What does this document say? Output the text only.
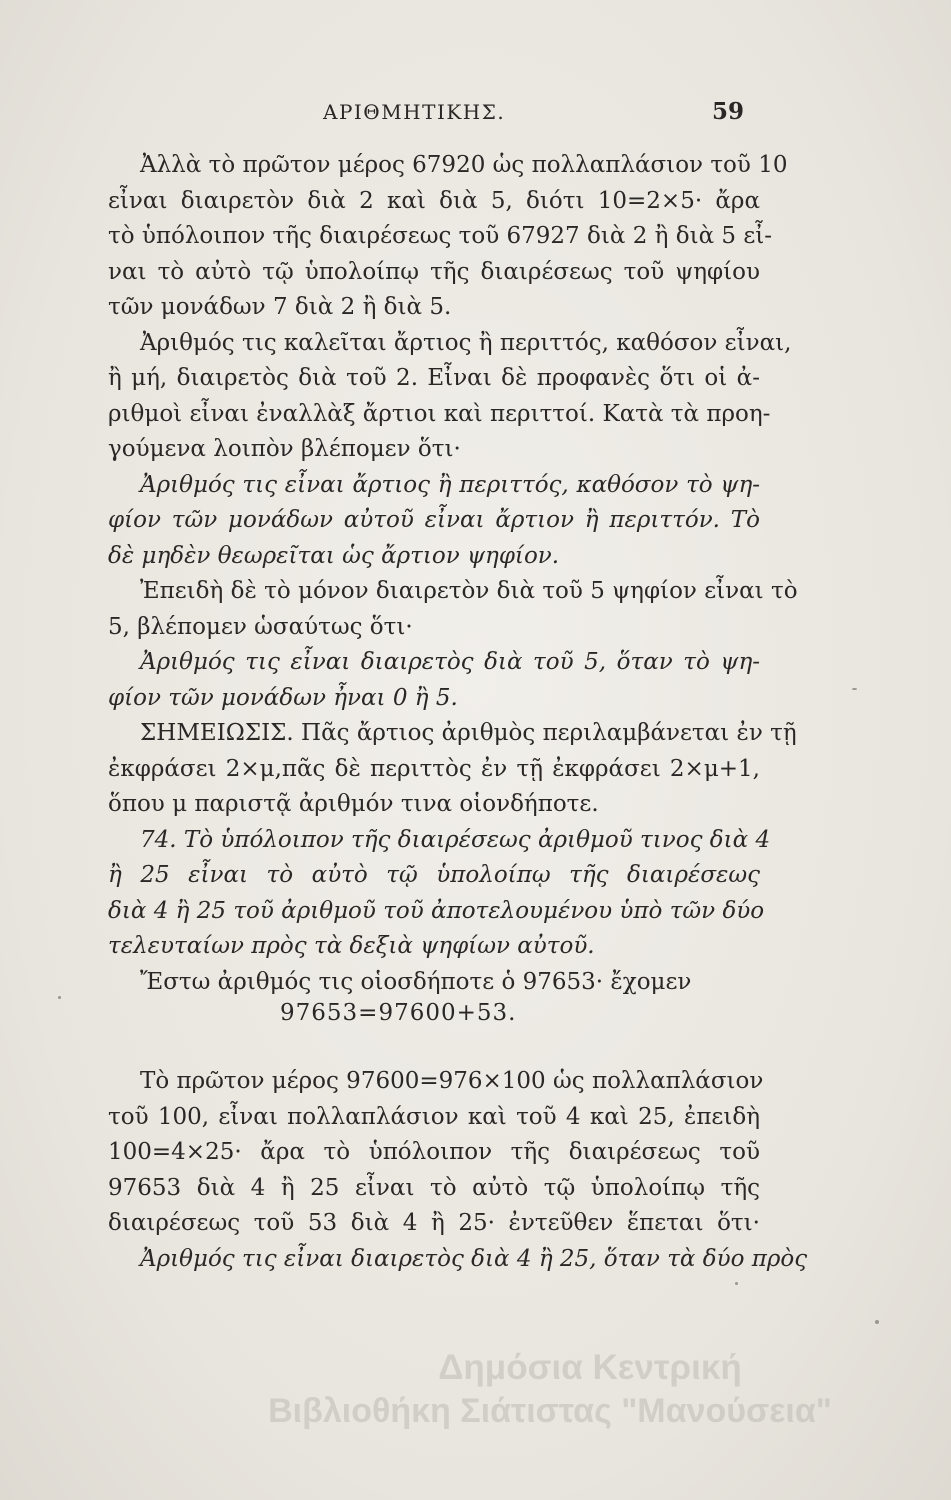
ΑΡΙΘΜΗΤΙΚΗΣ.	59
Ἀλλὰ τὸ πρῶτον μέρος 67920 ὡς πολλαπλάσιον τοῦ 10
εἶναι διαιρετὸν διὰ 2 καὶ διὰ 5, διότι 10=2×5· ἄρα
τὸ ὑπόλοιπον τῆς διαιρέσεως τοῦ 67927 διὰ 2 ἢ διὰ 5 εἶ-
ναι τὸ αὐτὸ τῷ ὑπολοίπῳ τῆς διαιρέσεως τοῦ ψηφίου
τῶν μονάδων 7 διὰ 2 ἢ διὰ 5.
Ἀριθμός τις καλεῖται ἄρτιος ἢ περιττός, καθόσον εἶναι,
ἢ μή, διαιρετὸς διὰ τοῦ 2. Εἶναι δὲ προφανὲς ὅτι οἱ ἀ-
ριθμοὶ εἶναι ἐναλλὰξ ἄρτιοι καὶ περιττοί. Κατὰ τὰ προη-
γούμενα λοιπὸν βλέπομεν ὅτι·
Ἀριθμός τις εἶναι ἄρτιος ἢ περιττός, καθόσον τὸ ψη-
φίον τῶν μονάδων αὐτοῦ εἶναι ἄρτιον ἢ περιττόν. Τὸ
δὲ μηδὲν θεωρεῖται ὡς ἄρτιον ψηφίον.
Ἐπειδὴ δὲ τὸ μόνον διαιρετὸν διὰ τοῦ 5 ψηφίον εἶναι τὸ
5, βλέπομεν ὡσαύτως ὅτι·
Ἀριθμός τις εἶναι διαιρετὸς διὰ τοῦ 5, ὅταν τὸ ψη-
φίον τῶν μονάδων ἦναι 0 ἢ 5.
ΣΗΜΕΙΩΣΙΣ. Πᾶς ἄρτιος ἀριθμὸς περιλαμβάνεται ἐν τῇ
ἐκφράσει 2×μ,πᾶς δὲ περιττὸς ἐν τῇ ἐκφράσει 2×μ+1,
ὅπου μ παριστᾷ ἀριθμόν τινα οἱονδήποτε.
74. Τὸ ὑπόλοιπον τῆς διαιρέσεως ἀριθμοῦ τινος διὰ 4
ἢ 25 εἶναι τὸ αὐτὸ τῷ ὑπολοίπῳ τῆς διαιρέσεως
διὰ 4 ἢ 25 τοῦ ἀριθμοῦ τοῦ ἀποτελουμένου ὑπὸ τῶν δύο
τελευταίων πρὸς τὰ δεξιὰ ψηφίων αὐτοῦ.
Ἔστω ἀριθμός τις οἱοσδήποτε ὁ 97653· ἔχομεν
97653=97600+53.
Τὸ πρῶτον μέρος 97600=976×100 ὡς πολλαπλάσιον
τοῦ 100, εἶναι πολλαπλάσιον καὶ τοῦ 4 καὶ 25, ἐπειδὴ
100=4×25· ἄρα τὸ ὑπόλοιπον τῆς διαιρέσεως τοῦ
97653 διὰ 4 ἢ 25 εἶναι τὸ αὐτὸ τῷ ὑπολοίπῳ τῆς
διαιρέσεως τοῦ 53 διὰ 4 ἢ 25· ἐντεῦθεν ἕπεται ὅτι·
Ἀριθμός τις εἶναι διαιρετὸς διὰ 4 ἢ 25, ὅταν τὰ δύο πρὸς
Δημόσια Κεντρική
Βιβλιοθήκη Σιάτιστας "Μανούσεια"
